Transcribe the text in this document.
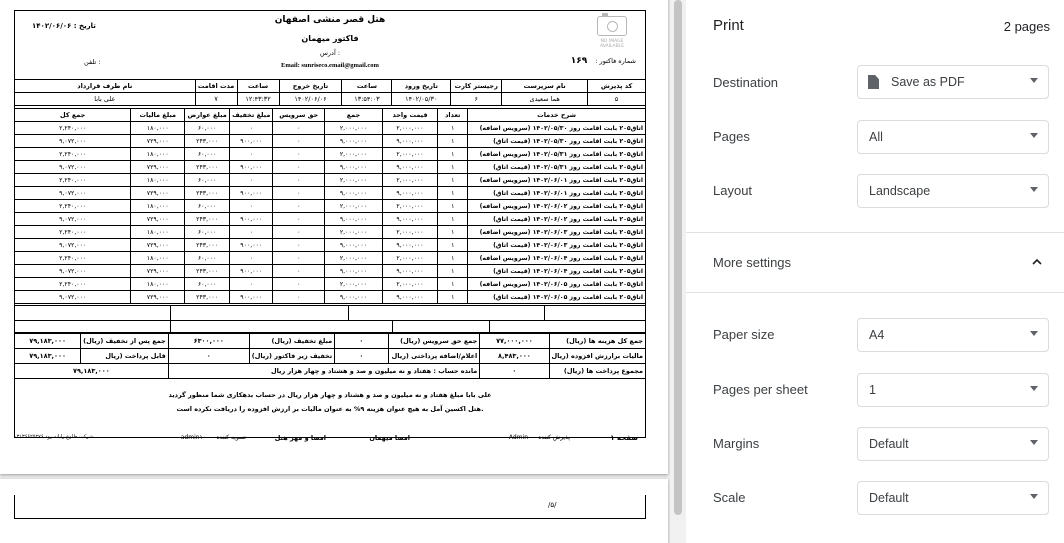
NO IMAGE AVAILABLE
هتل قصر منشی اصفهان
فاکتور میهمان
: آدرس
Email: sunriseco.email@gmail.com
تاریخ : ۱۴۰۲/۰۶/۰۶
: تلفن	شماره فاکتور : ۱۶۹
کد پذیرش	نام سرپرست	رجیستر کارت	تاریخ ورود	ساعت	تاریخ خروج	ساعت	مدت اقامت	نام طرف قرارداد
۵	هما سعیدی	۶	۱۴۰۲/۰۵/۳۰	۱۳:۵۴:۰۳	۱۴۰۲/۰۶/۰۶	۱۲:۴۳:۳۲	۷	علی بابا
شرح خدمات	تعداد	قیمت واحد	جمع	حق سرویس	مبلغ تخفیف	مبلغ عوارض	مبلغ مالیات	جمع کل
اتاق۲۰۵ بابت اقامت روز ۱۴۰۲/۰۵/۳۰ (سرویس اضافه)	۱	۲,۰۰۰,۰۰۰	۲,۰۰۰,۰۰۰	۰	۰	۶۰,۰۰۰	۱۸۰,۰۰۰	۲,۲۴۰,۰۰۰
اتاق۲۰۵ بابت اقامت روز ۱۴۰۲/۰۵/۳۰ (قیمت اتاق)	۱	۹,۰۰۰,۰۰۰	۹,۰۰۰,۰۰۰	۰	۹۰۰,۰۰۰	۲۴۳,۰۰۰	۷۲۹,۰۰۰	۹,۰۷۲,۰۰۰
اتاق۲۰۵ بابت اقامت روز ۱۴۰۲/۰۵/۳۱ (سرویس اضافه)	۱	۲,۰۰۰,۰۰۰	۲,۰۰۰,۰۰۰	۰	۰	۶۰,۰۰۰	۱۸۰,۰۰۰	۲,۲۴۰,۰۰۰
اتاق۲۰۵ بابت اقامت روز ۱۴۰۲/۰۵/۳۱ (قیمت اتاق)	۱	۹,۰۰۰,۰۰۰	۹,۰۰۰,۰۰۰	۰	۹۰۰,۰۰۰	۲۴۳,۰۰۰	۷۲۹,۰۰۰	۹,۰۷۲,۰۰۰
اتاق۲۰۵ بابت اقامت روز ۱۴۰۲/۰۶/۰۱ (سرویس اضافه)	۱	۲,۰۰۰,۰۰۰	۲,۰۰۰,۰۰۰	۰	۰	۶۰,۰۰۰	۱۸۰,۰۰۰	۲,۲۴۰,۰۰۰
اتاق۲۰۵ بابت اقامت روز ۱۴۰۲/۰۶/۰۱ (قیمت اتاق)	۱	۹,۰۰۰,۰۰۰	۹,۰۰۰,۰۰۰	۰	۹۰۰,۰۰۰	۲۴۳,۰۰۰	۷۲۹,۰۰۰	۹,۰۷۲,۰۰۰
اتاق۲۰۵ بابت اقامت روز ۱۴۰۲/۰۶/۰۲ (سرویس اضافه)	۱	۲,۰۰۰,۰۰۰	۲,۰۰۰,۰۰۰	۰	۰	۶۰,۰۰۰	۱۸۰,۰۰۰	۲,۲۴۰,۰۰۰
اتاق۲۰۵ بابت اقامت روز ۱۴۰۲/۰۶/۰۲ (قیمت اتاق)	۱	۹,۰۰۰,۰۰۰	۹,۰۰۰,۰۰۰	۰	۹۰۰,۰۰۰	۲۴۳,۰۰۰	۷۲۹,۰۰۰	۹,۰۷۲,۰۰۰
اتاق۲۰۵ بابت اقامت روز ۱۴۰۲/۰۶/۰۳ (سرویس اضافه)	۱	۲,۰۰۰,۰۰۰	۲,۰۰۰,۰۰۰	۰	۰	۶۰,۰۰۰	۱۸۰,۰۰۰	۲,۲۴۰,۰۰۰
اتاق۲۰۵ بابت اقامت روز ۱۴۰۲/۰۶/۰۳ (قیمت اتاق)	۱	۹,۰۰۰,۰۰۰	۹,۰۰۰,۰۰۰	۰	۹۰۰,۰۰۰	۲۴۳,۰۰۰	۷۲۹,۰۰۰	۹,۰۷۲,۰۰۰
اتاق۲۰۵ بابت اقامت روز ۱۴۰۲/۰۶/۰۴ (سرویس اضافه)	۱	۲,۰۰۰,۰۰۰	۲,۰۰۰,۰۰۰	۰	۰	۶۰,۰۰۰	۱۸۰,۰۰۰	۲,۲۴۰,۰۰۰
اتاق۲۰۵ بابت اقامت روز ۱۴۰۲/۰۶/۰۴ (قیمت اتاق)	۱	۹,۰۰۰,۰۰۰	۹,۰۰۰,۰۰۰	۰	۹۰۰,۰۰۰	۲۴۳,۰۰۰	۷۲۹,۰۰۰	۹,۰۷۲,۰۰۰
اتاق۲۰۵ بابت اقامت روز ۱۴۰۲/۰۶/۰۵ (سرویس اضافه)	۱	۲,۰۰۰,۰۰۰	۲,۰۰۰,۰۰۰	۰	۰	۶۰,۰۰۰	۱۸۰,۰۰۰	۲,۲۴۰,۰۰۰
اتاق۲۰۵ بابت اقامت روز ۱۴۰۲/۰۶/۰۵ (قیمت اتاق)	۱	۹,۰۰۰,۰۰۰	۹,۰۰۰,۰۰۰	۰	۹۰۰,۰۰۰	۲۴۳,۰۰۰	۷۲۹,۰۰۰	۹,۰۷۲,۰۰۰
جمع کل هزینه ها (ریال)	۷۷,۰۰۰,۰۰۰	جمع حق سرویس (ریال)	۰	مبلغ تخفیف (ریال)	۶۳۰۰,۰۰۰	جمع پس از تخفیف (ریال)	۷۹,۱۸۳,۰۰۰
مالیات برارزش افزوده (ریال	۸,۴۸۳,۰۰۰	اعلام/اضافه پرداختی (ریال	۰	تخفیف زیر فاکتور (ریال)	۰	قابل پرداخت (ریال	۷۹,۱۸۳,۰۰۰
مجموع پرداخت ها (ریال)	۰	مانده حساب : هفتاد و نه میلیون و صد و هشتاد و چهار هزار ریال				۷۹,۱۸۳,۰۰۰	
علی بابا مبلغ هفتاد و نه میلیون و صد و هشتاد و چهار هزار ریال در حساب بدهکاری شما منظور گردید
.هتل اکسین آمل به هیچ عنوان هزینه ۹% به عنوان مالیات بر ارزش افزوده را دریافت نکرده است
صفحه ۱
پذیرش کننده
Admin
امضا میهمان
امضا و مهر هتل
تسویه کننده
admin۱۰
شرکت طلوع رایانه رود ۰۳۱۳۶۶۲۵۲۷۶
/۵/
Print	2 pages
Destination	Save as PDF
Pages	All
Layout	Landscape
More settings
Paper size	A4
Pages per sheet	1
Margins	Default
Scale	Default
